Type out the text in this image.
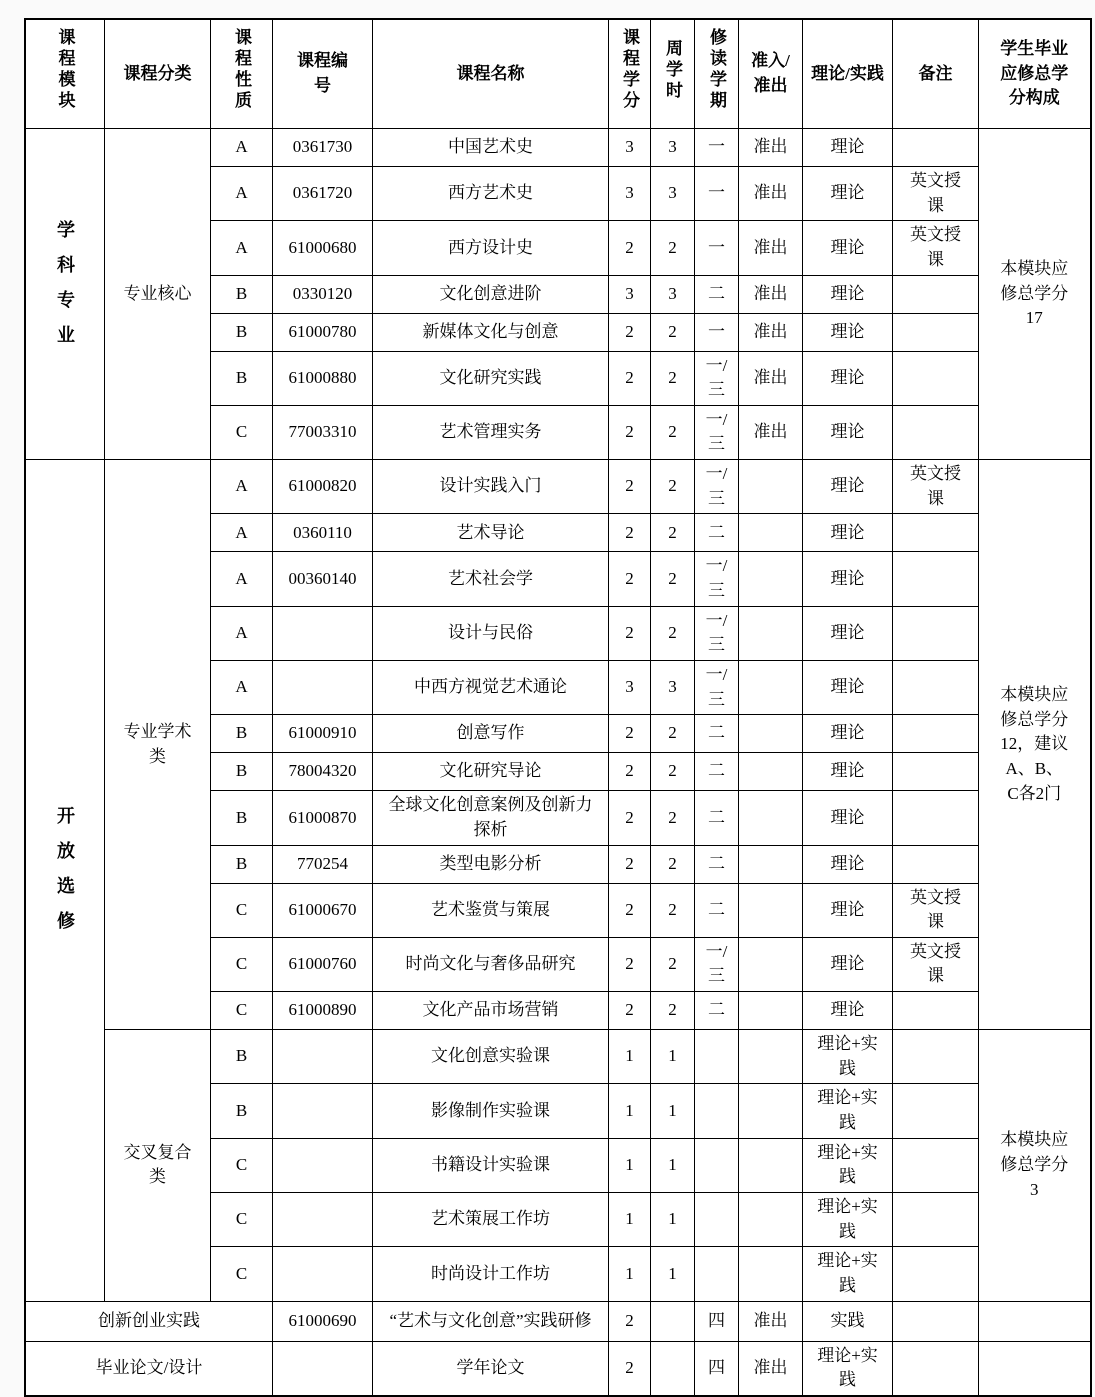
课程模块	课程分类	课程性质	课程编号	课程名称	课程学分	周学时	修读学期	准入/准出	理论/实践	备注	学生毕业应修总学分构成
学科专业	专业核心	A	0361730	中国艺术史	3	3	一	准出	理论		本模块应修总学分 17
		A	0361720	西方艺术史	3	3	一	准出	理论	英文授课	
		A	61000680	西方设计史	2	2	一	准出	理论	英文授课	
		B	0330120	文化创意进阶	3	3	二	准出	理论		
		B	61000780	新媒体文化与创意	2	2	一	准出	理论		
		B	61000880	文化研究实践	2	2	一/三	准出	理论		
		C	77003310	艺术管理实务	2	2	一/三	准出	理论		
开放选修	专业学术类	A	61000820	设计实践入门	2	2	一/三		理论	英文授课	本模块应修总学分12，建议A、B、C各2门
		A	0360110	艺术导论	2	2	二		理论		
		A	00360140	艺术社会学	2	2	一/三		理论		
		A		设计与民俗	2	2	一/三		理论		
		A		中西方视觉艺术通论	3	3	一/三		理论		
		B	61000910	创意写作	2	2	二		理论		
		B	78004320	文化研究导论	2	2	二		理论		
		B	61000870	全球文化创意案例及创新力探析	2	2	二		理论		
		B	770254	类型电影分析	2	2	二		理论		
		C	61000670	艺术鉴赏与策展	2	2	二		理论	英文授课	
		C	61000760	时尚文化与奢侈品研究	2	2	一/三		理论	英文授课	
		C	61000890	文化产品市场营销	2	2	二		理论		
	交叉复合类	B		文化创意实验课	1	1			理论+实践		本模块应修总学分 3
		B		影像制作实验课	1	1			理论+实践		
		C		书籍设计实验课	1	1			理论+实践		
		C		艺术策展工作坊	1	1			理论+实践		
		C		时尚设计工作坊	1	1			理论+实践		
创新创业实践			61000690	“艺术与文化创意”实践研修	2		四	准出	实践		
毕业论文/设计				学年论文	2		四	准出	理论+实践		
